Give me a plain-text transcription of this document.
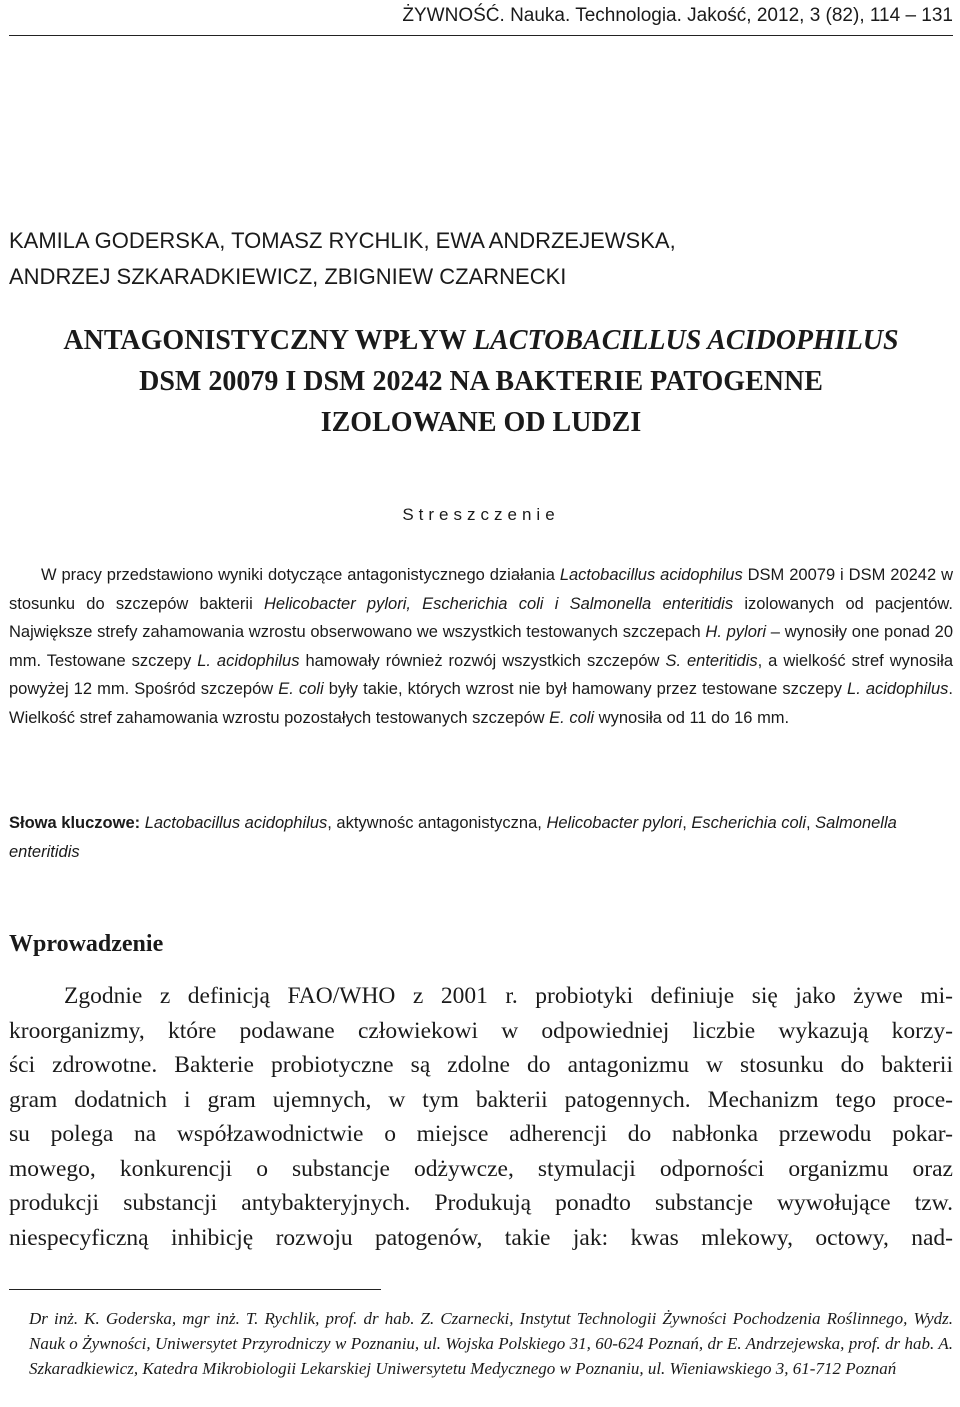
ŻYWNOŚĆ. Nauka. Technologia. Jakość, 2012, 3 (82), 114 – 131
KAMILA GODERSKA, TOMASZ RYCHLIK, EWA ANDRZEJEWSKA,
ANDRZEJ SZKARADKIEWICZ, ZBIGNIEW CZARNECKI
ANTAGONISTYCZNY WPŁYW LACTOBACILLUS ACIDOPHILUS
DSM 20079 I DSM 20242 NA BAKTERIE PATOGENNE
IZOLOWANE OD LUDZI
Streszczenie

W pracy przedstawiono wyniki dotyczące antagonistycznego działania Lactobacillus acidophilus DSM 20079 i DSM 20242 w stosunku do szczepów bakterii Helicobacter pylori, Escherichia coli i Salmonella enteritidis izolowanych od pacjentów. Największe strefy zahamowania wzrostu obserwowano we wszystkich testowanych szczepach H. pylori – wynosiły one ponad 20 mm. Testowane szczepy L. acidophilus hamowały również rozwój wszystkich szczepów S. enteritidis, a wielkość stref wynosiła powyżej 12 mm. Spośród szczepów E. coli były takie, których wzrost nie był hamowany przez testowane szczepy L. acidophilus. Wielkość stref zahamowania wzrostu pozostałych testowanych szczepów E. coli wynosiła od 11 do 16 mm.

Słowa kluczowe: Lactobacillus acidophilus, aktywnośc antagonistyczna, Helicobacter pylori, Escherichia coli, Salmonella enteritidis
Wprowadzenie

Zgodnie z definicją FAO/WHO z 2001 r. probiotyki definiuje się jako żywe mi-

kroorganizmy, które podawane człowiekowi w odpowiedniej liczbie wykazują korzy-

ści zdrowotne. Bakterie probiotyczne są zdolne do antagonizmu w stosunku do bakterii

gram dodatnich i gram ujemnych, w tym bakterii patogennych. Mechanizm tego proce-

su polega na współzawodnictwie o miejsce adherencji do nabłonka przewodu pokar-

mowego, konkurencji o substancje odżywcze, stymulacji odporności organizmu oraz

produkcji substancji antybakteryjnych. Produkują ponadto substancje wywołujące tzw.

niespecyficzną inhibicję rozwoju patogenów, takie jak: kwas mlekowy, octowy, nad-

Dr inż. K. Goderska, mgr inż. T. Rychlik, prof. dr hab. Z. Czarnecki, Instytut Technologii Żywności Pochodzenia Roślinnego, Wydz. Nauk o Żywności, Uniwersytet Przyrodniczy w Poznaniu, ul. Wojska Polskiego 31, 60-624 Poznań, dr E. Andrzejewska, prof. dr hab. A. Szkaradkiewicz, Katedra Mikrobiologii Lekarskiej Uniwersytetu Medycznego w Poznaniu, ul. Wieniawskiego 3, 61-712 Poznań
